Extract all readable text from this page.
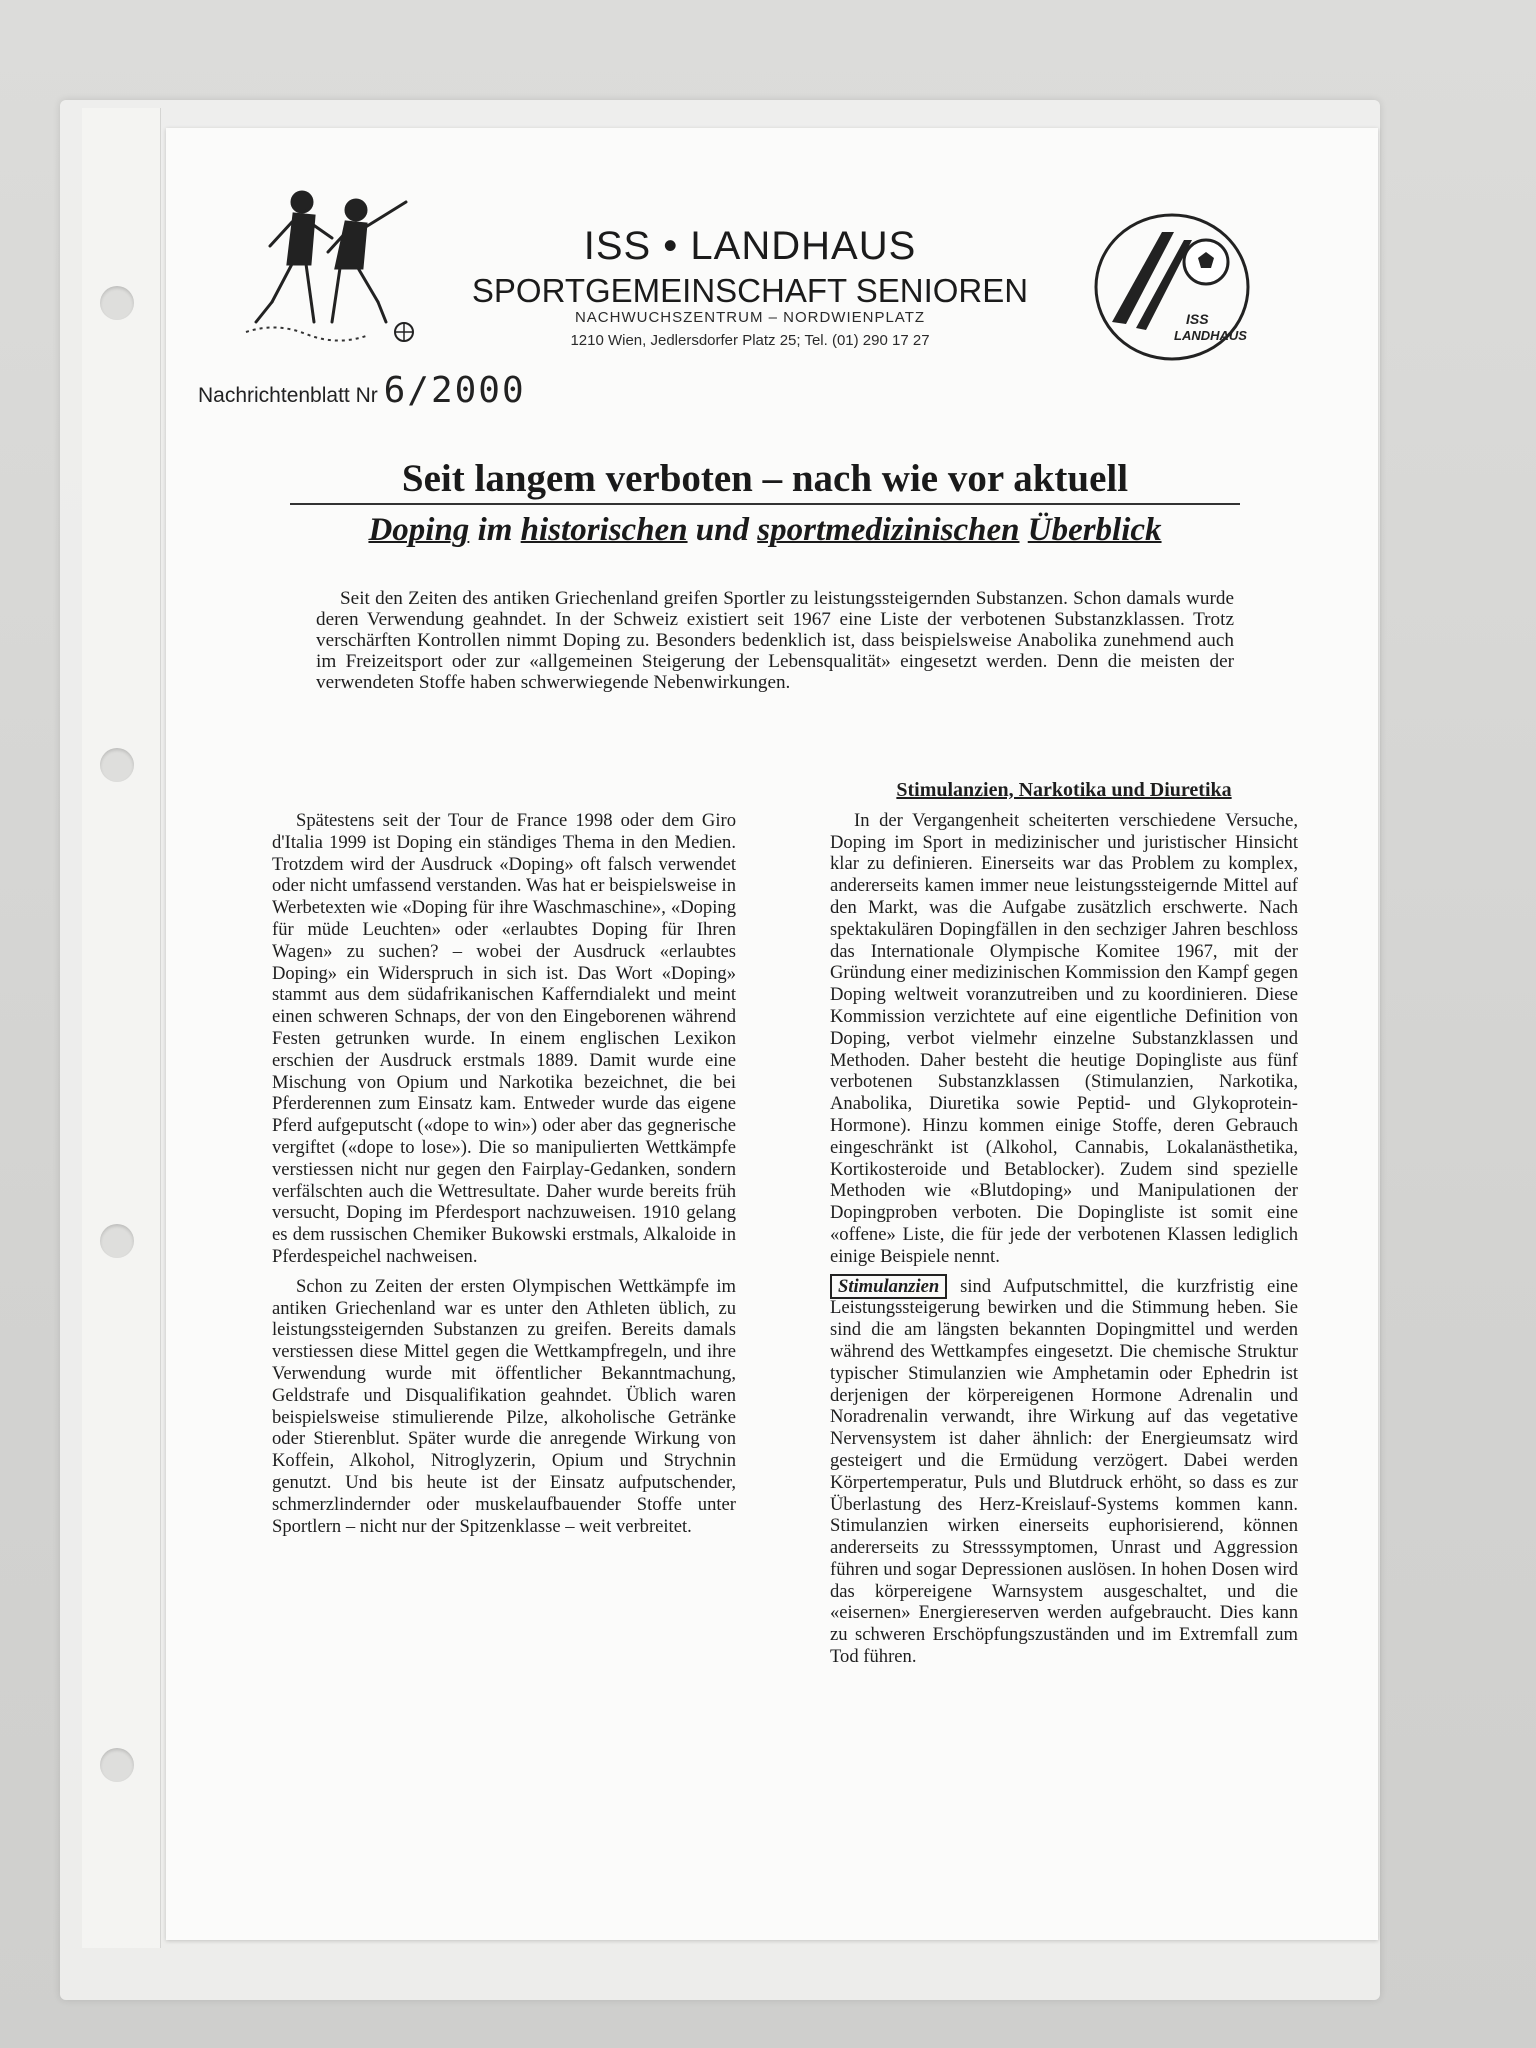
ISS • LANDHAUS
SPORTGEMEINSCHAFT SENIOREN
NACHWUCHSZENTRUM – NORDWIENPLATZ
1210 Wien, Jedlersdorfer Platz 25; Tel. (01) 290 17 27
ISS
LANDHAUS
Nachrichtenblatt Nr 6/2000
Seit langem verboten – nach wie vor aktuell
Doping im historischen und sportmedizinischen Überblick
Seit den Zeiten des antiken Griechenland greifen Sportler zu leistungssteigernden Substanzen. Schon damals wurde deren Verwendung geahndet. In der Schweiz existiert seit 1967 eine Liste der verbotenen Substanzklassen. Trotz verschärften Kontrollen nimmt Doping zu. Besonders bedenklich ist, dass beispielsweise Anabolika zunehmend auch im Freizeitsport oder zur «allgemeinen Steigerung der Lebensqualität» eingesetzt werden. Denn die meisten der verwendeten Stoffe haben schwerwiegende Nebenwirkungen.

Spätestens seit der Tour de France 1998 oder dem Giro d'Italia 1999 ist Doping ein ständiges Thema in den Medien. Trotzdem wird der Ausdruck «Doping» oft falsch verwendet oder nicht umfassend verstanden. Was hat er beispielsweise in Werbetexten wie «Doping für ihre Waschmaschine», «Doping für müde Leuchten» oder «erlaubtes Doping für Ihren Wagen» zu suchen? – wobei der Ausdruck «erlaubtes Doping» ein Widerspruch in sich ist. Das Wort «Doping» stammt aus dem südafrikanischen Kafferndialekt und meint einen schweren Schnaps, der von den Eingeborenen während Festen getrunken wurde. In einem englischen Lexikon erschien der Ausdruck erstmals 1889. Damit wurde eine Mischung von Opium und Narkotika bezeichnet, die bei Pferderennen zum Einsatz kam. Entweder wurde das eigene Pferd aufgeputscht («dope to win») oder aber das gegnerische vergiftet («dope to lose»). Die so manipulierten Wettkämpfe verstiessen nicht nur gegen den Fairplay-Gedanken, sondern verfälschten auch die Wettresultate. Daher wurde bereits früh versucht, Doping im Pferdesport nachzuweisen. 1910 gelang es dem russischen Chemiker Bukowski erstmals, Alkaloide in Pferdespeichel nachweisen.

Schon zu Zeiten der ersten Olympischen Wettkämpfe im antiken Griechenland war es unter den Athleten üblich, zu leistungssteigernden Substanzen zu greifen. Bereits damals verstiessen diese Mittel gegen die Wettkampfregeln, und ihre Verwendung wurde mit öffentlicher Bekanntmachung, Geldstrafe und Disqualifikation geahndet. Üblich waren beispielsweise stimulierende Pilze, alkoholische Getränke oder Stierenblut. Später wurde die anregende Wirkung von Koffein, Alkohol, Nitroglyzerin, Opium und Strychnin genutzt. Und bis heute ist der Einsatz aufputschender, schmerzlindernder oder muskelaufbauender Stoffe unter Sportlern – nicht nur der Spitzenklasse – weit verbreitet.

Stimulanzien, Narkotika und Diuretika

In der Vergangenheit scheiterten verschiedene Versuche, Doping im Sport in medizinischer und juristischer Hinsicht klar zu definieren. Einerseits war das Problem zu komplex, andererseits kamen immer neue leistungssteigernde Mittel auf den Markt, was die Aufgabe zusätzlich erschwerte. Nach spektakulären Dopingfällen in den sechziger Jahren beschloss das Internationale Olympische Komitee 1967, mit der Gründung einer medizinischen Kommission den Kampf gegen Doping weltweit voranzutreiben und zu koordinieren. Diese Kommission verzichtete auf eine eigentliche Definition von Doping, verbot vielmehr einzelne Substanzklassen und Methoden. Daher besteht die heutige Dopingliste aus fünf verbotenen Substanzklassen (Stimulanzien, Narkotika, Anabolika, Diuretika sowie Peptid- und Glykoprotein-Hormone). Hinzu kommen einige Stoffe, deren Gebrauch eingeschränkt ist (Alkohol, Cannabis, Lokalanästhetika, Kortikosteroide und Betablocker). Zudem sind spezielle Methoden wie «Blutdoping» und Manipulationen der Dopingproben verboten. Die Dopingliste ist somit eine «offene» Liste, die für jede der verbotenen Klassen lediglich einige Beispiele nennt.

Stimulanzien sind Aufputschmittel, die kurzfristig eine Leistungssteigerung bewirken und die Stimmung heben. Sie sind die am längsten bekannten Dopingmittel und werden während des Wettkampfes eingesetzt. Die chemische Struktur typischer Stimulanzien wie Amphetamin oder Ephedrin ist derjenigen der körpereigenen Hormone Adrenalin und Noradrenalin verwandt, ihre Wirkung auf das vegetative Nervensystem ist daher ähnlich: der Energieumsatz wird gesteigert und die Ermüdung verzögert. Dabei werden Körpertemperatur, Puls und Blutdruck erhöht, so dass es zur Überlastung des Herz-Kreislauf-Systems kommen kann. Stimulanzien wirken einerseits euphorisierend, können andererseits zu Stresssymptomen, Unrast und Aggression führen und sogar Depressionen auslösen. In hohen Dosen wird das körpereigene Warnsystem ausgeschaltet, und die «eisernen» Energiereserven werden aufgebraucht. Dies kann zu schweren Erschöpfungszuständen und im Extremfall zum Tod führen.
